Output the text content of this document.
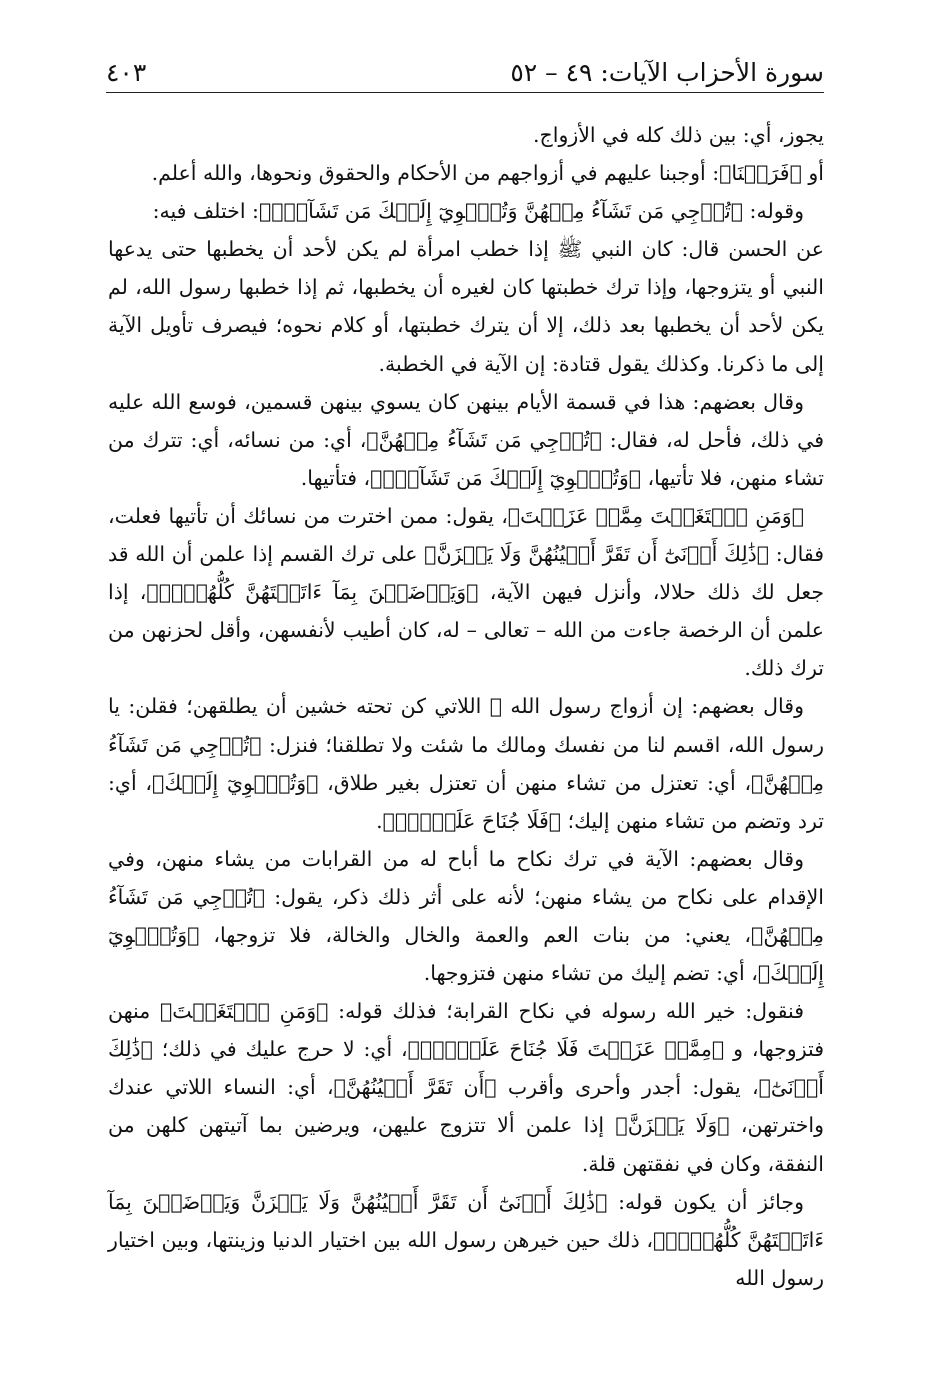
سورة الأحزاب الآيات: ٤٩ – ٥٢
٤٠٣

يجوز، أي: بين ذلك كله في الأزواج.

أو ﴿فَرَضۡنَا﴾: أوجبنا عليهم في أزواجهم من الأحكام والحقوق ونحوها، والله أعلم.

وقوله: ﴿تُرۡجِي مَن تَشَآءُ مِنۡهُنَّ وَتُـٔۡوِيٓ إِلَيۡكَ مَن تَشَآءُۖ﴾: اختلف فيه:

عن الحسن قال: كان النبي ﷺ إذا خطب امرأة لم يكن لأحد أن يخطبها حتى يدعها النبي أو يتزوجها، وإذا ترك خطبتها كان لغيره أن يخطبها، ثم إذا خطبها رسول الله، لم يكن لأحد أن يخطبها بعد ذلك، إلا أن يترك خطبتها، أو كلام نحوه؛ فيصرف تأويل الآية إلى ما ذكرنا. وكذلك يقول قتادة: إن الآية في الخطبة.

وقال بعضهم: هذا في قسمة الأيام بينهن كان يسوي بينهن قسمين، فوسع الله عليه في ذلك، فأحل له، فقال: ﴿تُرۡجِي مَن تَشَآءُ مِنۡهُنَّ﴾، أي: من نسائه، أي: تترك من تشاء منهن، فلا تأتيها، ﴿وَتُـٔۡوِيٓ إِلَيۡكَ مَن تَشَآءُۖ﴾، فتأتيها.

﴿وَمَنِ ٱبۡتَغَيۡتَ مِمَّنۡ عَزَلۡتَ﴾، يقول: ممن اخترت من نسائك أن تأتيها فعلت، فقال: ﴿ذَٰلِكَ أَدۡنَىٰٓ أَن تَقَرَّ أَعۡيُنُهُنَّ وَلَا يَحۡزَنَّ﴾ على ترك القسم إذا علمن أن الله قد جعل لك ذلك حلالا، وأنزل فيهن الآية، ﴿وَيَرۡضَيۡنَ بِمَآ ءَاتَيۡتَهُنَّ كُلُّهُنَّۚ﴾، إذا علمن أن الرخصة جاءت من الله – تعالى – له، كان أطيب لأنفسهن، وأقل لحزنهن من ترك ذلك.

وقال بعضهم: إن أزواج رسول الله ﷺ اللاتي كن تحته خشين أن يطلقهن؛ فقلن: يا رسول الله، اقسم لنا من نفسك ومالك ما شئت ولا تطلقنا؛ فنزل: ﴿تُرۡجِي مَن تَشَآءُ مِنۡهُنَّ﴾، أي: تعتزل من تشاء منهن أن تعتزل بغير طلاق، ﴿وَتُـٔۡوِيٓ إِلَيۡكَ﴾، أي: ترد وتضم من تشاء منهن إليك؛ ﴿فَلَا جُنَاحَ عَلَيۡكَۚ﴾.

وقال بعضهم: الآية في ترك نكاح ما أباح له من القرابات من يشاء منهن، وفي الإقدام على نكاح من يشاء منهن؛ لأنه على أثر ذلك ذكر، يقول: ﴿تُرۡجِي مَن تَشَآءُ مِنۡهُنَّ﴾، يعني: من بنات العم والعمة والخال والخالة، فلا تزوجها، ﴿وَتُـٔۡوِيٓ إِلَيۡكَ﴾، أي: تضم إليك من تشاء منهن فتزوجها.

فنقول: خير الله رسوله في نكاح القرابة؛ فذلك قوله: ﴿وَمَنِ ٱبۡتَغَيۡتَ﴾ منهن فتزوجها، و ﴿مِمَّنۡ عَزَلۡتَ فَلَا جُنَاحَ عَلَيۡكَۚ﴾، أي: لا حرج عليك في ذلك؛ ﴿ذَٰلِكَ أَدۡنَىٰٓ﴾، يقول: أجدر وأحرى وأقرب ﴿أَن تَقَرَّ أَعۡيُنُهُنَّ﴾، أي: النساء اللاتي عندك واخترتهن، ﴿وَلَا يَحۡزَنَّ﴾ إذا علمن ألا تتزوج عليهن، ويرضين بما آتيتهن كلهن من النفقة، وكان في نفقتهن قلة.

وجائز أن يكون قوله: ﴿ذَٰلِكَ أَدۡنَىٰٓ أَن تَقَرَّ أَعۡيُنُهُنَّ وَلَا يَحۡزَنَّ وَيَرۡضَيۡنَ بِمَآ ءَاتَيۡتَهُنَّ كُلُّهُنَّۚ﴾، ذلك حين خيرهن رسول الله بين اختيار الدنيا وزينتها، وبين اختيار رسول الله
